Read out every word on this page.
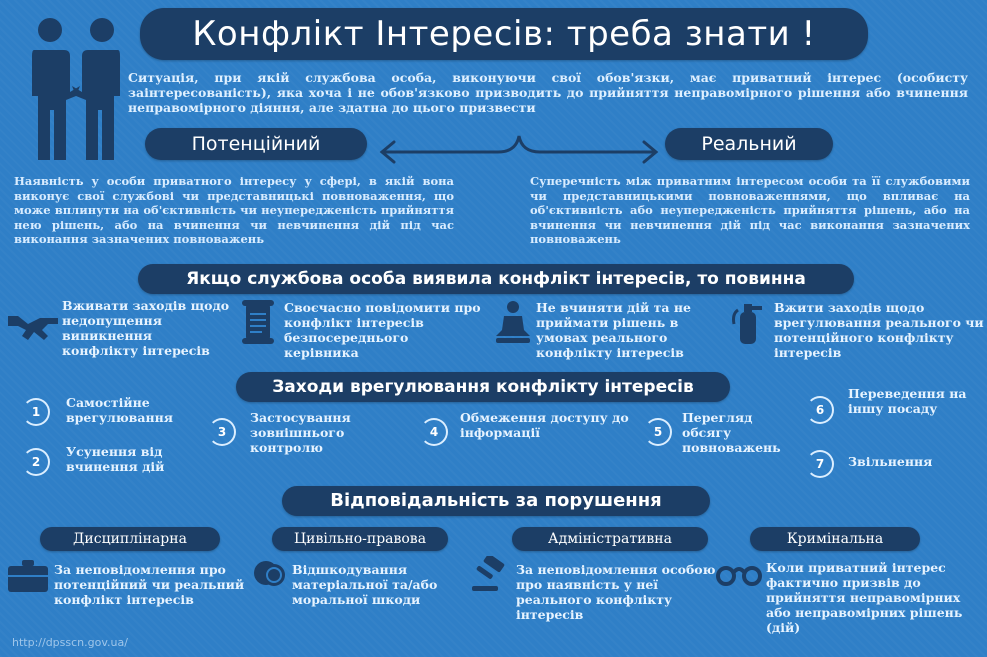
Конфлікт Інтересів: треба знати !
Ситуація, при якій службова особа, виконуючи свої обов'язки, має приватний інтерес (особисту заінтересованість), яка хоча і не обов'язково призводить до прийняття неправомірного рішення або вчинення неправомірного діяння, але здатна до цього призвести
Потенційний	Реальний
Наявність у особи приватного інтересу у сфері, в якій вона виконує свої службові чи представницькі повноваження, що може вплинути на об'єктивність чи неупередженість прийняття нею рішень, або на вчинення чи невчинення дій під час виконання зазначених повноважень
Суперечність між приватним інтересом особи та її службовими чи представницькими повноваженнями, що впливає на об'єктивність або неупередженість прийняття рішень, або на вчинення чи невчинення дій під час виконання зазначених повноважень
Якщо службова особа виявила конфлікт інтересів, то повинна
Вживати заходів щодо недопущення виникнення конфлікту інтересів
Своєчасно повідомити про конфлікт інтересів безпосереднього керівника
Не вчиняти дій та не приймати рішень в умовах реального конфлікту інтересів
Вжити заходів щодо врегулювання реального чи потенційного конфлікту інтересів
Заходи врегулювання конфлікту інтересів
1
Самостійне врегулювання
2
Усунення від вчинення дій
3
Застосування зовнішнього контролю
4
Обмеження доступу до інформації	5
Перегляд обсягу повноважень
6
Переведення на іншу посаду
7	Звільнення
Відповідальність за порушення
Дисциплінарна
За неповідомлення про потенційний чи реальний конфлікт інтересів
Цивільно-правова
Відшкодування матеріальної та/або моральної шкоди
Адміністративна
За неповідомлення особою про наявність у неї реального конфлікту інтересів
Кримінальна
Коли приватний інтерес фактично призвів до прийняття неправомірних або неправомірних рішень (дій)
http://dpsscn.gov.ua/
